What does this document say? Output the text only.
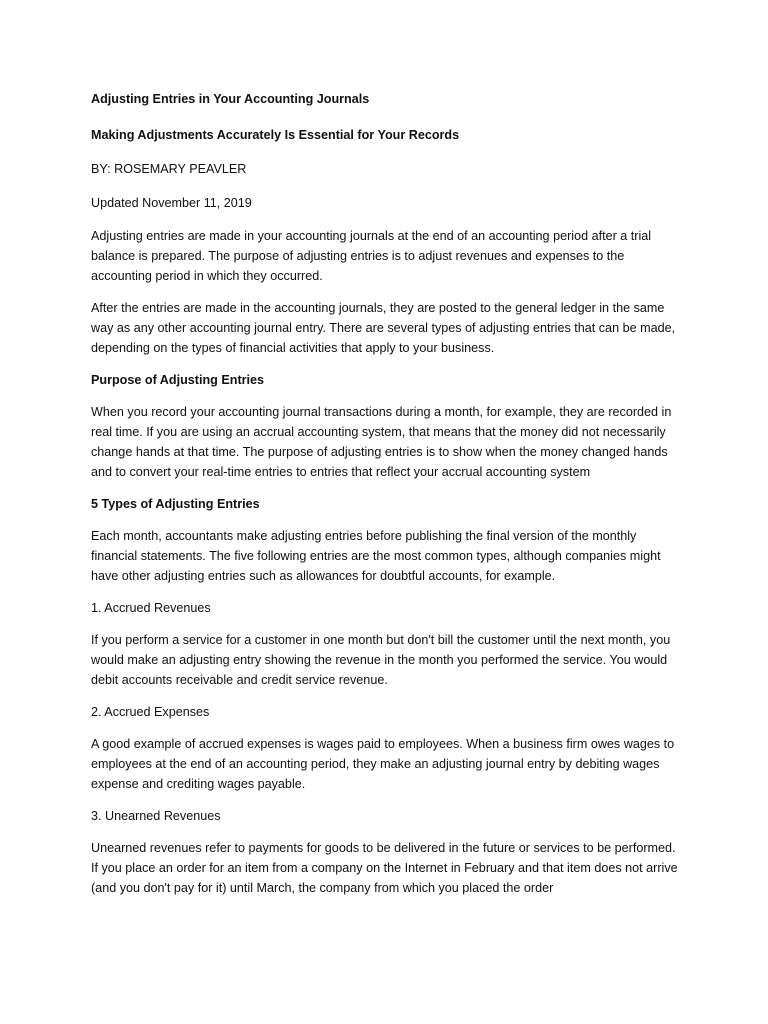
Adjusting Entries in Your Accounting Journals

Making Adjustments Accurately Is Essential for Your Records

BY: ROSEMARY PEAVLER

Updated November 11, 2019

Adjusting entries are made in your accounting journals at the end of an accounting period after a trial balance is prepared. The purpose of adjusting entries is to adjust revenues and expenses to the accounting period in which they occurred.

After the entries are made in the accounting journals, they are posted to the general ledger in the same way as any other accounting journal entry. There are several types of adjusting entries that can be made, depending on the types of financial activities that apply to your business.

Purpose of Adjusting Entries

When you record your accounting journal transactions during a month, for example, they are recorded in real time. If you are using an accrual accounting system, that means that the money did not necessarily change hands at that time. The purpose of adjusting entries is to show when the money changed hands and to convert your real-time entries to entries that reflect your accrual accounting system

5 Types of Adjusting Entries

Each month, accountants make adjusting entries before publishing the final version of the monthly financial statements. The five following entries are the most common types, although companies might have other adjusting entries such as allowances for doubtful accounts, for example.

1. Accrued Revenues

If you perform a service for a customer in one month but don't bill the customer until the next month, you would make an adjusting entry showing the revenue in the month you performed the service. You would debit accounts receivable and credit service revenue.

2. Accrued Expenses

A good example of accrued expenses is wages paid to employees. When a business firm owes wages to employees at the end of an accounting period, they make an adjusting journal entry by debiting wages expense and crediting wages payable.

3. Unearned Revenues

Unearned revenues refer to payments for goods to be delivered in the future or services to be performed. If you place an order for an item from a company on the Internet in February and that item does not arrive (and you don't pay for it) until March, the company from which you placed the order
